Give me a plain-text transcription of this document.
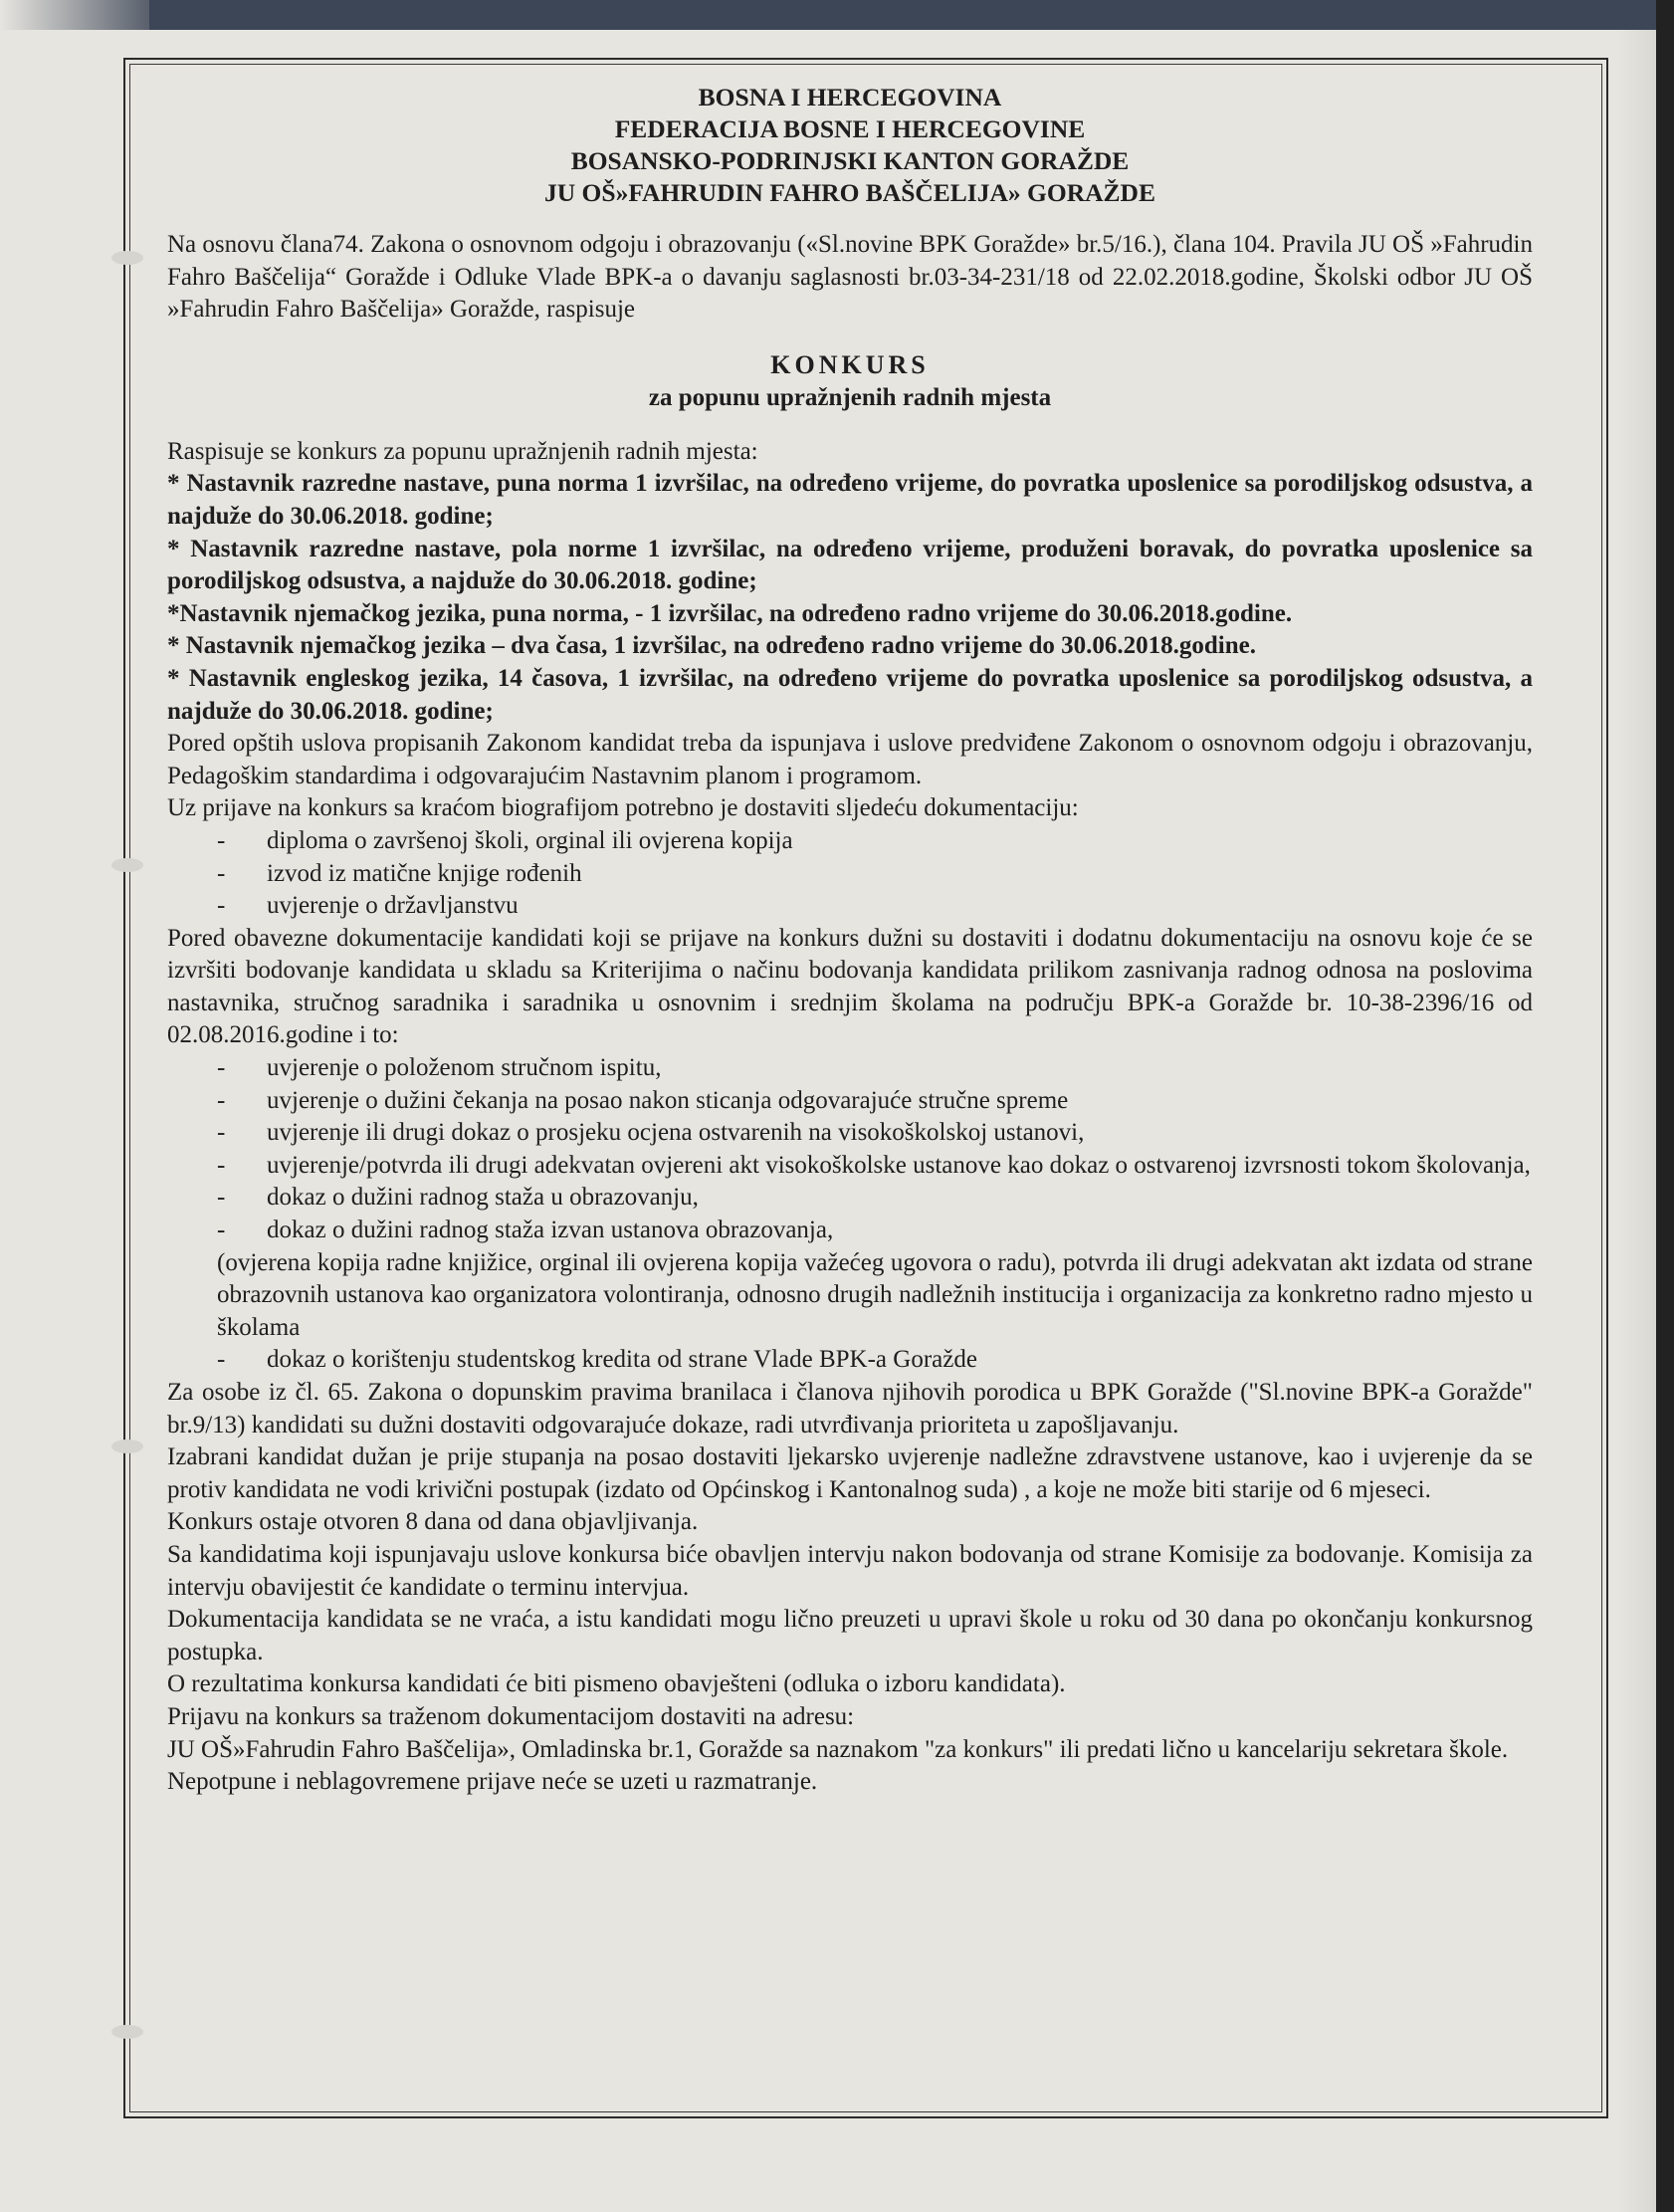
BOSNA I HERCEGOVINA
FEDERACIJA BOSNE I HERCEGOVINE
BOSANSKO-PODRINJSKI KANTON GORAŽDE
JU OŠ»FAHRUDIN FAHRO BAŠČELIJA» GORAŽDE

Na osnovu člana74. Zakona o osnovnom odgoju i obrazovanju («Sl.novine BPK Goražde» br.5/16.), člana 104. Pravila JU OŠ »Fahrudin Fahro Baščelija“ Goražde i Odluke Vlade BPK-a o davanju saglasnosti br.03-34-231/18 od 22.02.2018.godine, Školski odbor JU OŠ »Fahrudin Fahro Baščelija» Goražde, raspisuje

KONKURS
za popunu upražnjenih radnih mjesta

Raspisuje se konkurs za popunu upražnjenih radnih mjesta:

* Nastavnik razredne nastave, puna norma 1 izvršilac, na određeno vrijeme, do povratka uposlenice sa porodiljskog odsustva, a najduže do 30.06.2018. godine;

* Nastavnik razredne nastave, pola norme 1 izvršilac, na određeno vrijeme, produženi boravak, do povratka uposlenice sa porodiljskog odsustva, a najduže do 30.06.2018. godine;

*Nastavnik njemačkog jezika, puna norma, - 1 izvršilac, na određeno radno vrijeme do 30.06.2018.godine.

* Nastavnik njemačkog jezika – dva časa, 1 izvršilac, na određeno radno vrijeme do 30.06.2018.godine.

* Nastavnik engleskog jezika, 14 časova, 1 izvršilac, na određeno vrijeme do povratka uposlenice sa porodiljskog odsustva, a najduže do 30.06.2018. godine;

Pored opštih uslova propisanih Zakonom kandidat treba da ispunjava i uslove predviđene Zakonom o osnovnom odgoju i obrazovanju, Pedagoškim standardima i odgovarajućim Nastavnim planom i programom.

Uz prijave na konkurs sa kraćom biografijom potrebno je dostaviti sljedeću dokumentaciju:

- diploma o završenoj školi, orginal ili ovjerena kopija
- izvod iz matične knjige rođenih
- uvjerenje o državljanstvu

Pored obavezne dokumentacije kandidati koji se prijave na konkurs dužni su dostaviti i dodatnu dokumentaciju na osnovu koje će se izvršiti bodovanje kandidata u skladu sa Kriterijima o načinu bodovanja kandidata prilikom zasnivanja radnog odnosa na poslovima nastavnika, stručnog saradnika i saradnika u osnovnim i srednjim školama na području BPK-a Goražde br. 10-38-2396/16 od 02.08.2016.godine i to:

- uvjerenje o položenom stručnom ispitu,
- uvjerenje o dužini čekanja na posao nakon sticanja odgovarajuće stručne spreme
- uvjerenje ili drugi dokaz o prosjeku ocjena ostvarenih na visokoškolskoj ustanovi,
- uvjerenje/potvrda ili drugi adekvatan ovjereni akt visokoškolske ustanove kao dokaz o ostvarenoj izvrsnosti tokom školovanja,
- dokaz o dužini radnog staža u obrazovanju,
- dokaz o dužini radnog staža izvan ustanova obrazovanja,

(ovjerena kopija radne knjižice, orginal ili ovjerena kopija važećeg ugovora o radu), potvrda ili drugi adekvatan akt izdata od strane obrazovnih ustanova kao organizatora volontiranja, odnosno drugih nadležnih institucija i organizacija za konkretno radno mjesto u školama

- dokaz o korištenju studentskog kredita od strane Vlade BPK-a Goražde

Za osobe iz čl. 65. Zakona o dopunskim pravima branilaca i članova njihovih porodica u BPK Goražde ("Sl.novine BPK-a Goražde" br.9/13) kandidati su dužni dostaviti odgovarajuće dokaze, radi utvrđivanja prioriteta u zapošljavanju.

Izabrani kandidat dužan je prije stupanja na posao dostaviti ljekarsko uvjerenje nadležne zdravstvene ustanove, kao i uvjerenje da se protiv kandidata ne vodi krivični postupak (izdato od Općinskog i Kantonalnog suda) , a koje ne može biti starije od 6 mjeseci.

Konkurs ostaje otvoren 8 dana od dana objavljivanja.

Sa kandidatima koji ispunjavaju uslove konkursa biće obavljen intervju nakon bodovanja od strane Komisije za bodovanje. Komisija za intervju obavijestit će kandidate o terminu intervjua.

Dokumentacija kandidata se ne vraća, a istu kandidati mogu lično preuzeti u upravi škole u roku od 30 dana po okončanju konkursnog postupka.

O rezultatima konkursa kandidati će biti pismeno obavješteni (odluka o izboru kandidata).

Prijavu na konkurs sa traženom dokumentacijom dostaviti na adresu:

JU OŠ»Fahrudin Fahro Baščelija», Omladinska br.1, Goražde sa naznakom "za konkurs" ili predati lično u kancelariju sekretara škole.

Nepotpune i neblagovremene prijave neće se uzeti u razmatranje.
